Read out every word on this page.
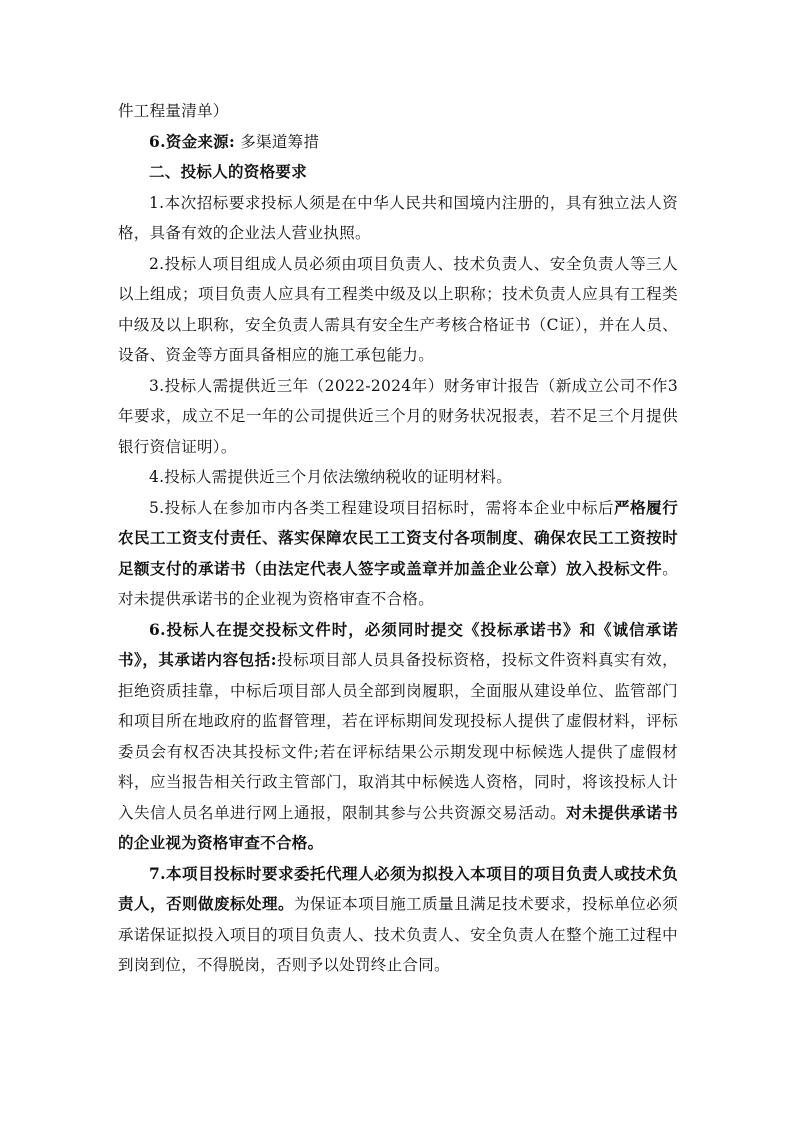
件工程量清单）

6.资金来源: 多渠道筹措

二、投标人的资格要求

1.本次招标要求投标人须是在中华人民共和国境内注册的，具有独立法人资格，具备有效的企业法人营业执照。

2.投标人项目组成人员必须由项目负责人、技术负责人、安全负责人等三人以上组成；项目负责人应具有工程类中级及以上职称；技术负责人应具有工程类中级及以上职称，安全负责人需具有安全生产考核合格证书（C证），并在人员、设备、资金等方面具备相应的施工承包能力。

3.投标人需提供近三年（2022-2024年）财务审计报告（新成立公司不作3年要求，成立不足一年的公司提供近三个月的财务状况报表，若不足三个月提供银行资信证明）。

4.投标人需提供近三个月依法缴纳税收的证明材料。

5.投标人在参加市内各类工程建设项目招标时，需将本企业中标后严格履行农民工工资支付责任、落实保障农民工工资支付各项制度、确保农民工工资按时足额支付的承诺书（由法定代表人签字或盖章并加盖企业公章）放入投标文件。对未提供承诺书的企业视为资格审查不合格。

6.投标人在提交投标文件时，必须同时提交《投标承诺书》和《诚信承诺书》，其承诺内容包括:投标项目部人员具备投标资格，投标文件资料真实有效，拒绝资质挂靠，中标后项目部人员全部到岗履职，全面服从建设单位、监管部门和项目所在地政府的监督管理，若在评标期间发现投标人提供了虚假材料，评标委员会有权否决其投标文件;若在评标结果公示期发现中标候选人提供了虚假材料，应当报告相关行政主管部门，取消其中标候选人资格，同时，将该投标人计入失信人员名单进行网上通报，限制其参与公共资源交易活动。对未提供承诺书的企业视为资格审查不合格。

7.本项目投标时要求委托代理人必须为拟投入本项目的项目负责人或技术负责人，否则做废标处理。为保证本项目施工质量且满足技术要求，投标单位必须承诺保证拟投入项目的项目负责人、技术负责人、安全负责人在整个施工过程中到岗到位，不得脱岗，否则予以处罚终止合同。
